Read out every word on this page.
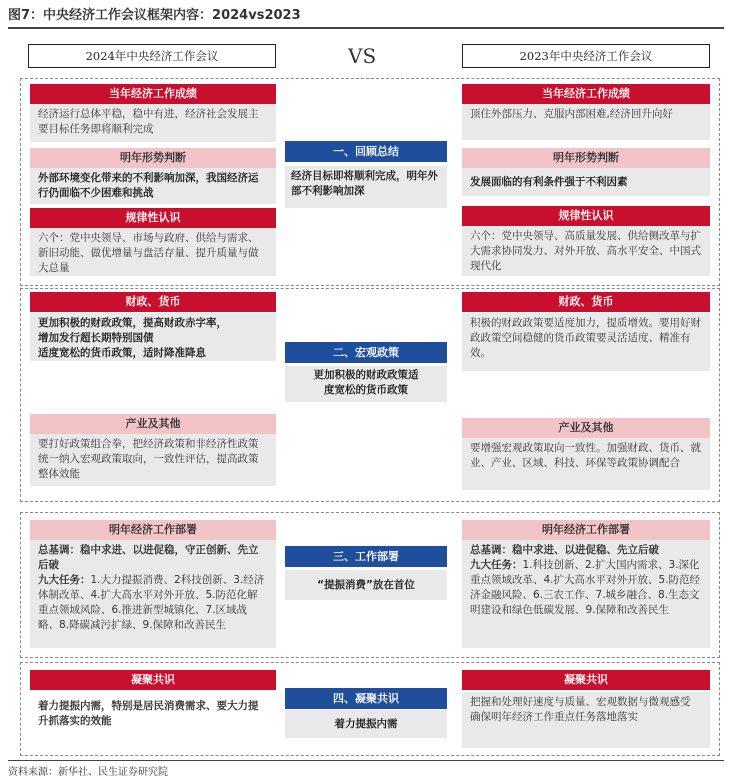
图7：中央经济工作会议框架内容：2024vs2023
2024年中央经济工作会议	VS	2023年中央经济工作会议
当年经济工作成绩
经济运行总体平稳，稳中有进，经济社会发展主要目标任务即将顺利完成
明年形势判断
外部环境变化带来的不利影响加深，我国经济运行仍面临不少困难和挑战
规律性认识
六个：党中央领导、市场与政府、供给与需求、新旧动能、做优增量与盘活存量、提升质量与做大总量
一、回顾总结
经济目标即将顺利完成，明年外部不利影响加深
当年经济工作成绩
顶住外部压力、克服内部困难,经济回升向好
明年形势判断
发展面临的有利条件强于不利因素
规律性认识
六个：党中央领导、高质量发展、供给侧改革与扩大需求协同发力、对外开放、高水平安全、中国式现代化
财政、货币

更加积极的财政政策，提高财政赤字率，

增加发行超长期特别国债

适度宽松的货币政策，适时降准降息

产业及其他
要打好政策组合拳，把经济政策和非经济性政策统一纳入宏观政策取向，一致性评估，提高政策整体效能
二、宏观政策
更加积极的财政政策适度宽松的货币政策
财政、货币
积极的财政政策要适度加力，提质增效。要用好财政政策空间稳健的货币政策要灵活适度、精准有效。
产业及其他
要增强宏观政策取向一致性。加强财政、货币、就业、产业、区域、科技、环保等政策协调配合
明年经济工作部署

总基调：稳中求进、以进促稳，守正创新、先立后破

九大任务：1.大力提振消费、2科技创新、3.经济体制改革、4.扩大高水平对外开放、5.防范化解重点领域风险、6.推进新型城镇化、7.区域战略、8.降碳减污扩绿、9.保障和改善民生

三、工作部署
“提振消费”放在首位
明年经济工作部署

总基调：稳中求进、以进促稳、先立后破

九大任务：1.科技创新、2.扩大国内需求、3.深化重点领域改革、4.扩大高水平对外开放、5.防范经济金融风险、6.三农工作、7.城乡融合、8.生态文明建设和绿色低碳发展、9.保障和改善民生

凝聚共识
着力提振内需，特别是居民消费需求、要大力提升抓落实的效能
四、凝聚共识
着力提振内需
凝聚共识

把握和处理好速度与质量、宏观数据与微观感受

确保明年经济工作重点任务落地落实

资料来源：新华社、民生证券研究院
